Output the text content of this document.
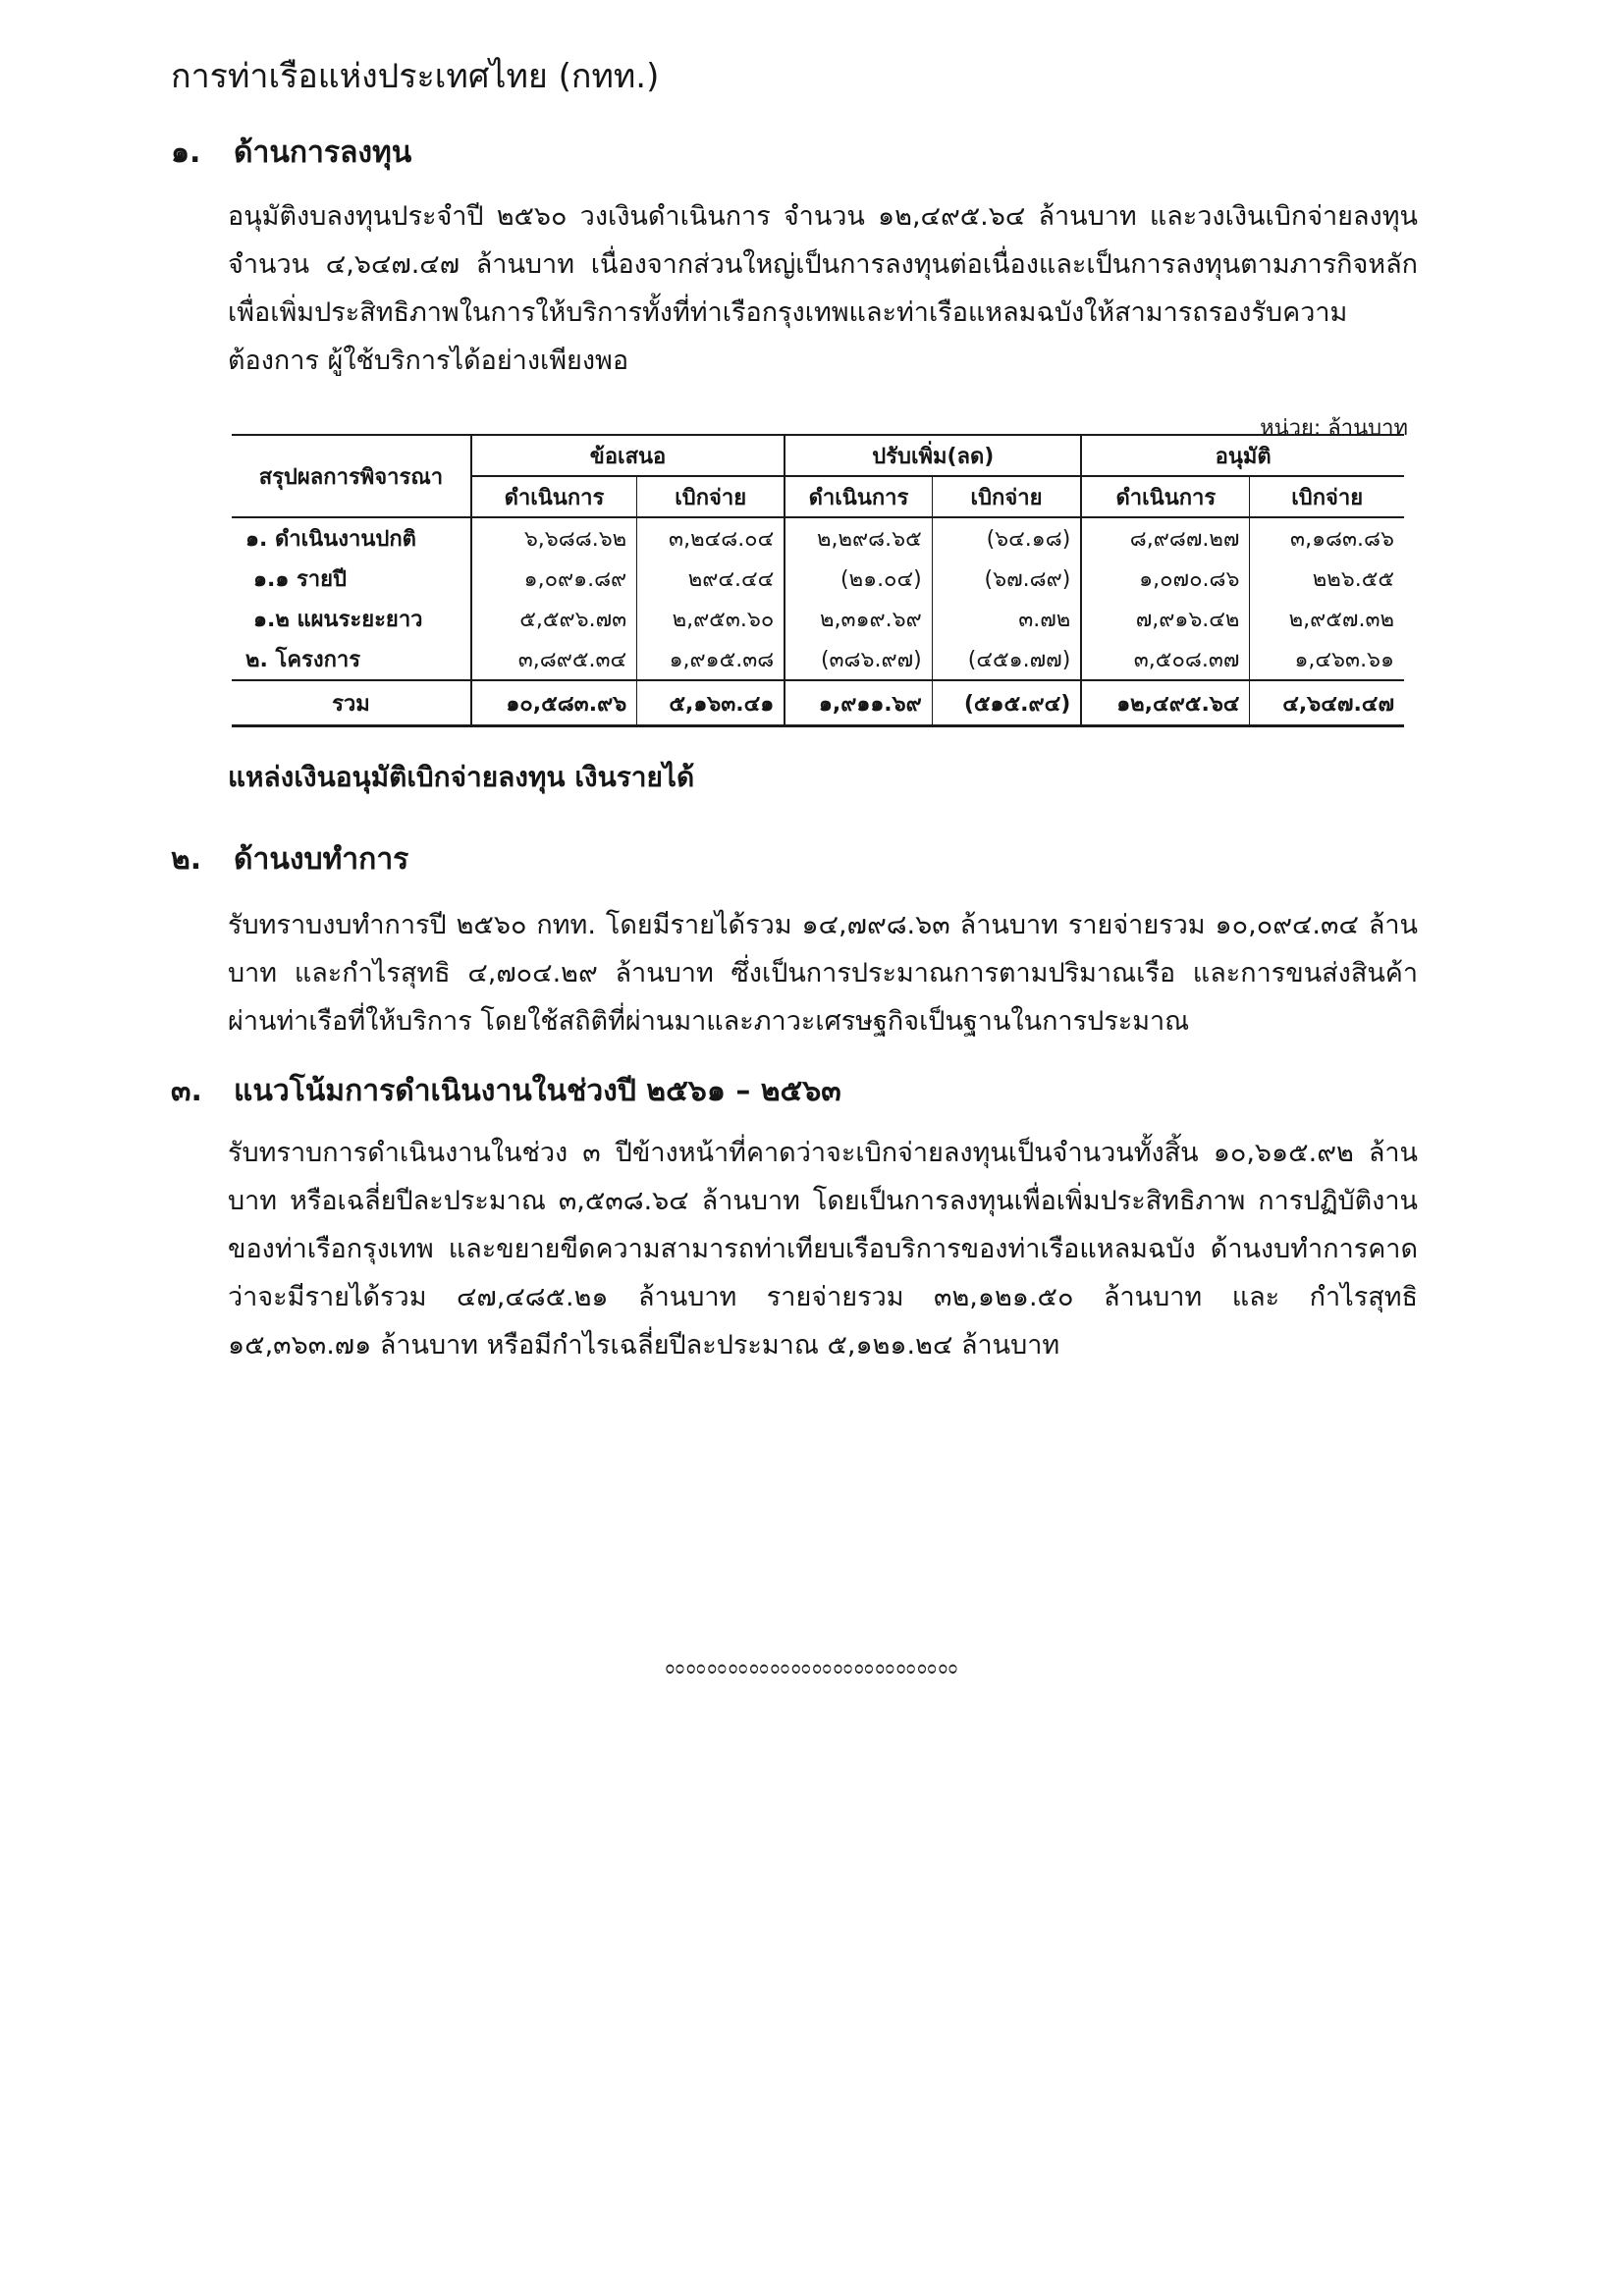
การท่าเรือแห่งประเทศไทย (กทท.)
๑. ด้านการลงทุน

อนุมัติงบลงทุนประจำปี ๒๕๖๐ วงเงินดำเนินการ จำนวน ๑๒,๔๙๕.๖๔ ล้านบาท และวงเงินเบิกจ่ายลงทุน จำนวน ๔,๖๔๗.๔๗ ล้านบาท เนื่องจากส่วนใหญ่เป็นการลงทุนต่อเนื่องและเป็นการลงทุนตามภารกิจหลัก เพื่อเพิ่มประสิทธิภาพในการให้บริการทั้งที่ท่าเรือกรุงเทพและท่าเรือแหลมฉบังให้สามารถรองรับความต้องการ ผู้ใช้บริการได้อย่างเพียงพอ

หน่วย: ล้านบาท
สรุปผลการพิจารณา	ข้อเสนอ		ปรับเพิ่ม(ลด)		อนุมัติ	
	ดำเนินการ	เบิกจ่าย	ดำเนินการ	เบิกจ่าย	ดำเนินการ	เบิกจ่าย
๑. ดำเนินงานปกติ	๖,๖๘๘.๖๒	๓,๒๔๘.๐๔	๒,๒๙๘.๖๕	(๖๔.๑๘)	๘,๙๘๗.๒๗	๓,๑๘๓.๘๖
๑.๑ รายปี	๑,๐๙๑.๘๙	๒๙๔.๔๔	(๒๑.๐๔)	(๖๗.๘๙)	๑,๐๗๐.๘๖	๒๒๖.๕๕
๑.๒ แผนระยะยาว	๕,๕๙๖.๗๓	๒,๙๕๓.๖๐	๒,๓๑๙.๖๙	๓.๗๒	๗,๙๑๖.๔๒	๒,๙๕๗.๓๒
๒. โครงการ	๓,๘๙๕.๓๔	๑,๙๑๕.๓๘	(๓๘๖.๙๗)	(๔๕๑.๗๗)	๓,๕๐๘.๓๗	๑,๔๖๓.๖๑
รวม	๑๐,๕๘๓.๙๖	๕,๑๖๓.๔๑	๑,๙๑๑.๖๙	(๕๑๕.๙๔)	๑๒,๔๙๕.๖๔	๔,๖๔๗.๔๗
แหล่งเงินอนุมัติเบิกจ่ายลงทุน เงินรายได้
๒. ด้านงบทำการ

รับทราบงบทำการปี ๒๕๖๐ กทท. โดยมีรายได้รวม ๑๔,๗๙๘.๖๓ ล้านบาท รายจ่ายรวม ๑๐,๐๙๔.๓๔ ล้านบาท และกำไรสุทธิ ๔,๗๐๔.๒๙ ล้านบาท ซึ่งเป็นการประมาณการตามปริมาณเรือ และการขนส่งสินค้าผ่านท่าเรือที่ให้บริการ โดยใช้สถิติที่ผ่านมาและภาวะเศรษฐกิจเป็นฐานในการประมาณ

๓. แนวโน้มการดำเนินงานในช่วงปี ๒๕๖๑ – ๒๕๖๓

รับทราบการดำเนินงานในช่วง ๓ ปีข้างหน้าที่คาดว่าจะเบิกจ่ายลงทุนเป็นจำนวนทั้งสิ้น ๑๐,๖๑๕.๙๒ ล้านบาท หรือเฉลี่ยปีละประมาณ ๓,๕๓๘.๖๔ ล้านบาท โดยเป็นการลงทุนเพื่อเพิ่มประสิทธิภาพ การปฏิบัติงานของท่าเรือกรุงเทพ และขยายขีดความสามารถท่าเทียบเรือบริการของท่าเรือแหลมฉบัง ด้านงบทำการคาดว่าจะมีรายได้รวม ๔๗,๔๘๕.๒๑ ล้านบาท รายจ่ายรวม ๓๒,๑๒๑.๕๐ ล้านบาท และ กำไรสุทธิ ๑๕,๓๖๓.๗๑ ล้านบาท หรือมีกำไรเฉลี่ยปีละประมาณ ๕,๑๒๑.๒๔ ล้านบาท

ೲೲೲೲೲೲೲೲೲೲೲೲೲೲ
